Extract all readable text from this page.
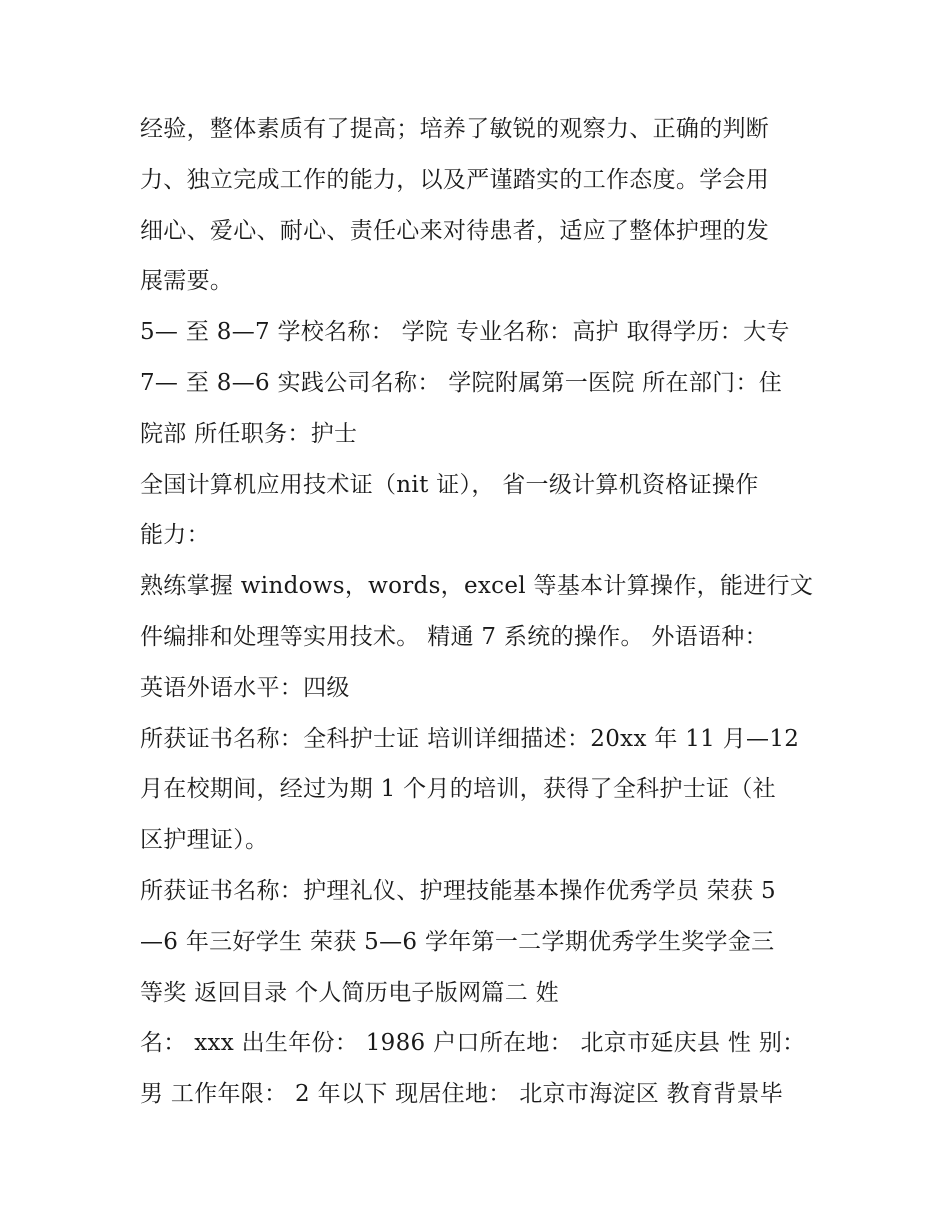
经验，整体素质有了提高；培养了敏锐的观察力、正确的判断
力、独立完成工作的能力，以及严谨踏实的工作态度。学会用
细心、爱心、耐心、责任心来对待患者，适应了整体护理的发
展需要。
5— 至 8—7 学校名称： 学院 专业名称：高护 取得学历：大专
7— 至 8—6 实践公司名称： 学院附属第一医院 所在部门：住
院部 所任职务：护士
全国计算机应用技术证（nit 证）， 省一级计算机资格证操作
能力：
熟练掌握 windows，words，excel 等基本计算操作，能进行文
件编排和处理等实用技术。 精通 7 系统的操作。 外语语种：
英语外语水平：四级
所获证书名称：全科护士证 培训详细描述：20xx 年 11 月—12
月在校期间，经过为期 1 个月的培训，获得了全科护士证（社
区护理证）。
所获证书名称：护理礼仪、护理技能基本操作优秀学员 荣获 5
—6 年三好学生 荣获 5—6 学年第一二学期优秀学生奖学金三
等奖 返回目录 个人简历电子版网篇二 姓
名： xxx 出生年份： 1986 户口所在地： 北京市延庆县 性 别：
男 工作年限： 2 年以下 现居住地： 北京市海淀区 教育背景毕
